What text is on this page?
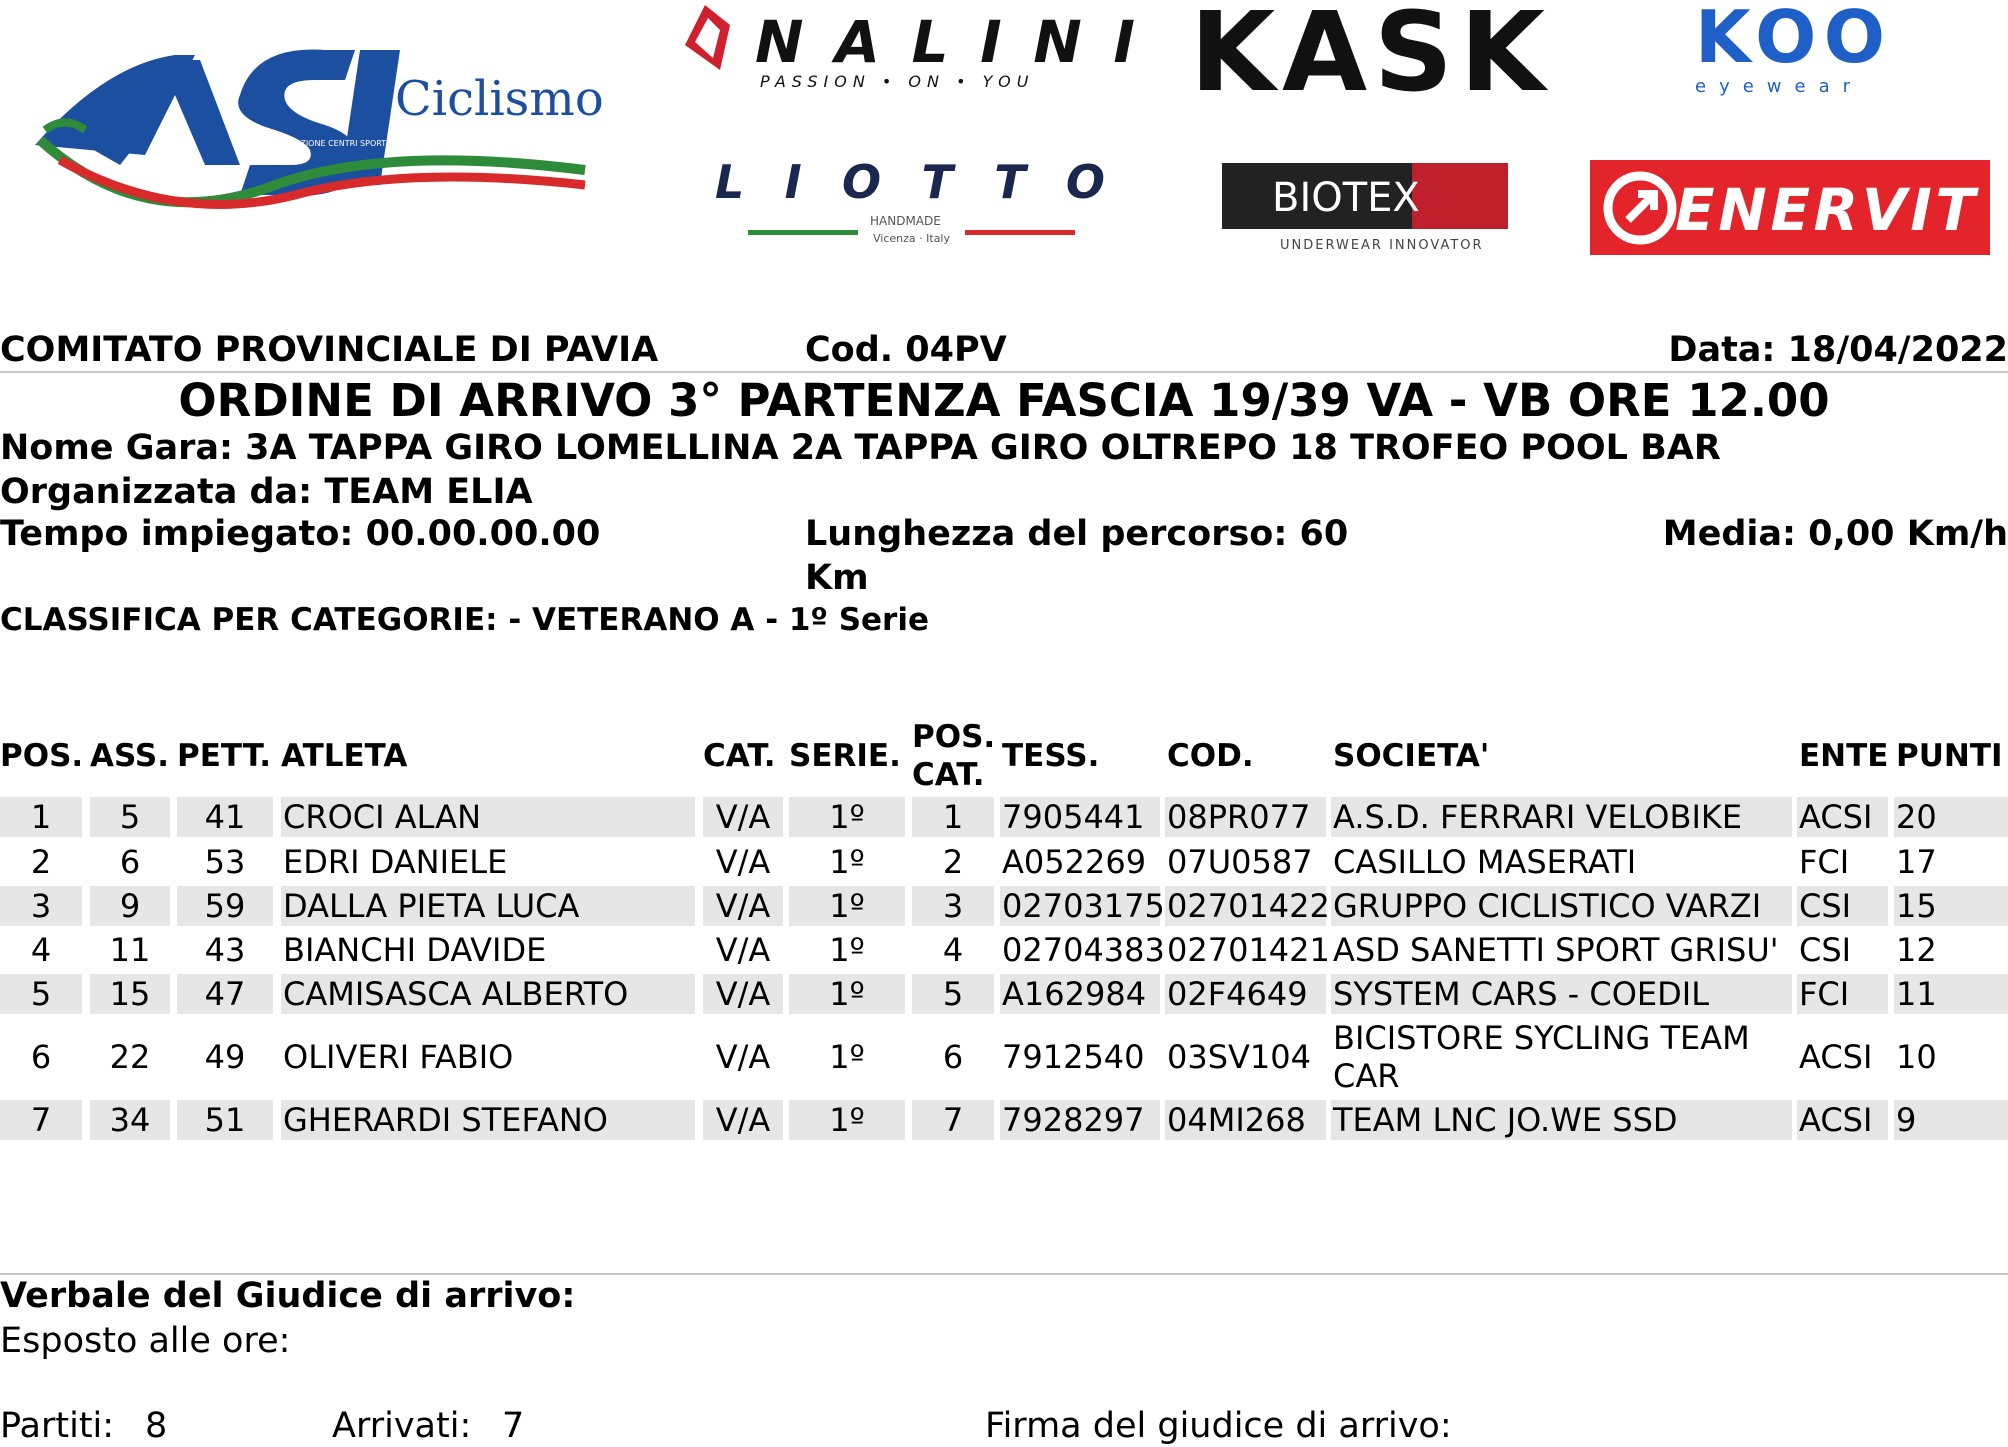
ASSOCIAZIONE CENTRI SPORTIVI ITALIANI
Ciclismo
NALINI
PASSION • ON • YOU KASK KOO
eyewear
LIOTTO
HANDMADE
Vicenza · Italy
BIOTEX
UNDERWEAR INNOVATOR
ENERVIT
COMITATO PROVINCIALE DI PAVIA	Cod. 04PV	Data: 18/04/2022
ORDINE DI ARRIVO 3° PARTENZA FASCIA 19/39 VA - VB ORE 12.00
Nome Gara: 3A TAPPA GIRO LOMELLINA 2A TAPPA GIRO OLTREPO 18 TROFEO POOL BAR
Organizzata da: TEAM ELIA
Tempo impiegato: 00.00.00.00	Lunghezza del percorso: 60
Km
Media: 0,00 Km/h
CLASSIFICA PER CATEGORIE: - VETERANO A - 1º Serie
POS. ASS. PETT. ATLETA	CAT. SERIE.
POS.
CAT.
TESS. COD.	SOCIETA'	ENTE PUNTI
1	5	41	CROCI ALAN	V/A	1º	1	7905441 08PR077 A.S.D. FERRARI VELOBIKE	ACSI 20
2	6	53	EDRI DANIELE	V/A	1º	2	A052269 07U0587 CASILLO MASERATI	FCI	17
3	9	59	DALLA PIETA LUCA	V/A	1º	3	02703175 02701422 GRUPPO CICLISTICO VARZI	CSI	15
4	11	43	BIANCHI DAVIDE	V/A	1º	4	02704383 02701421 ASD SANETTI SPORT GRISU' CSI	12
5	15	47	CAMISASCA ALBERTO	V/A	1º	5	A162984 02F4649 SYSTEM CARS - COEDIL	FCI	11
6	22	49	OLIVERI FABIO	V/A	1º	6	7912540 03SV104 BICISTORE SYCLING TEAM CAR	ACSI 10
7	34	51	GHERARDI STEFANO	V/A	1º	7	7928297 04MI268 TEAM LNC JO.WE SSD	ACSI 9
Verbale del Giudice di arrivo:
Esposto alle ore:
Partiti: 8	Arrivati: 7	Firma del giudice di arrivo:
